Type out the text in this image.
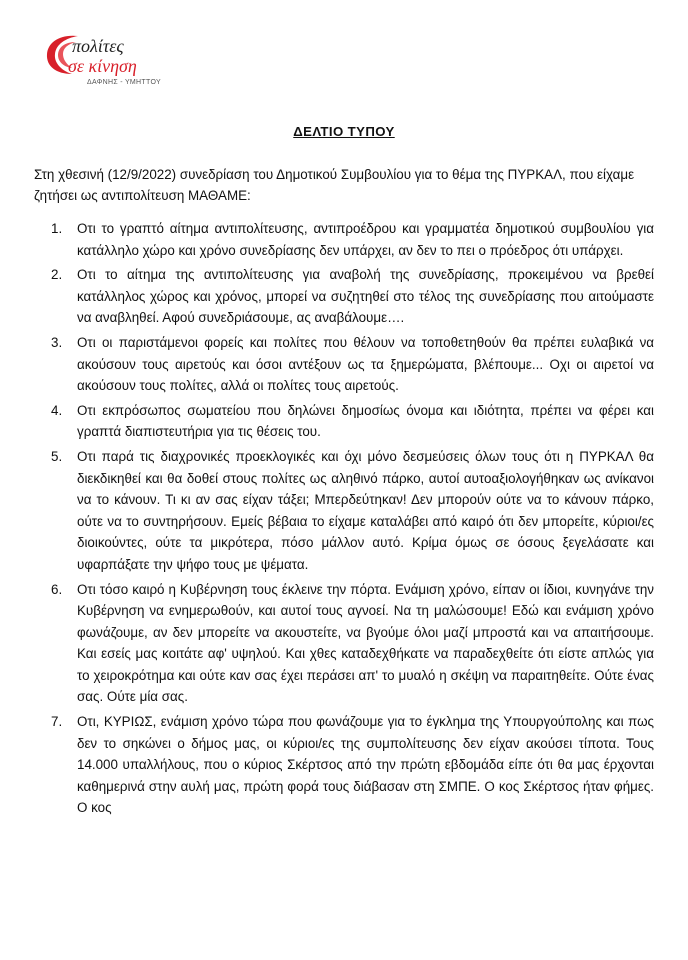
πολίτες
σε κίνηση
ΔΑΦΝΗΣ - ΥΜΗΤΤΟΥ
ΔΕΛΤΙΟ ΤΥΠΟΥ

Στη χθεσινή (12/9/2022) συνεδρίαση του Δημοτικού Συμβουλίου για το θέμα της ΠΥΡΚΑΛ, που είχαμε ζητήσει ως αντιπολίτευση ΜΑΘΑΜΕ:

1. Οτι το γραπτό αίτημα αντιπολίτευσης, αντιπροέδρου και γραμματέα δημοτικού συμβουλίου για κατάλληλο χώρο και χρόνο συνεδρίασης δεν υπάρχει, αν δεν το πει ο πρόεδρος ότι υπάρχει.
2. Οτι το αίτημα της αντιπολίτευσης για αναβολή της συνεδρίασης, προκειμένου να βρεθεί κατάλληλος χώρος και χρόνος, μπορεί να συζητηθεί στο τέλος της συνεδρίασης που αιτούμαστε να αναβληθεί. Αφού συνεδριάσουμε, ας αναβάλουμε….
3. Οτι οι παριστάμενοι φορείς και πολίτες που θέλουν να τοποθετηθούν θα πρέπει ευλαβικά να ακούσουν τους αιρετούς και όσοι αντέξουν ως τα ξημερώματα, βλέπουμε... Οχι οι αιρετοί να ακούσουν τους πολίτες, αλλά οι πολίτες τους αιρετούς.
4. Οτι εκπρόσωπος σωματείου που δηλώνει δημοσίως όνομα και ιδιότητα, πρέπει να φέρει και γραπτά διαπιστευτήρια για τις θέσεις του.
5. Οτι παρά τις διαχρονικές προεκλογικές και όχι μόνο δεσμεύσεις όλων τους ότι η ΠΥΡΚΑΛ θα διεκδικηθεί και θα δοθεί στους πολίτες ως αληθινό πάρκο, αυτοί αυτοαξιολογήθηκαν ως ανίκανοι να το κάνουν. Τι κι αν σας είχαν τάξει; Μπερδεύτηκαν! Δεν μπορούν ούτε να το κάνουν πάρκο, ούτε να το συντηρήσουν. Εμείς βέβαια το είχαμε καταλάβει από καιρό ότι δεν μπορείτε, κύριοι/ες διοικούντες, ούτε τα μικρότερα, πόσο μάλλον αυτό. Κρίμα όμως σε όσους ξεγελάσατε και υφαρπάξατε την ψήφο τους με ψέματα.
6. Οτι τόσο καιρό η Κυβέρνηση τους έκλεινε την πόρτα. Ενάμιση χρόνο, είπαν οι ίδιοι, κυνηγάνε την Κυβέρνηση να ενημερωθούν, και αυτοί τους αγνοεί. Να τη μαλώσουμε! Εδώ και ενάμιση χρόνο φωνάζουμε, αν δεν μπορείτε να ακουστείτε, να βγούμε όλοι μαζί μπροστά και να απαιτήσουμε. Και εσείς μας κοιτάτε αφ' υψηλού. Και χθες καταδεχθήκατε να παραδεχθείτε ότι είστε απλώς για το χειροκρότημα και ούτε καν σας έχει περάσει απ' το μυαλό η σκέψη να παραιτηθείτε. Ούτε ένας σας. Ούτε μία σας.
7. Οτι, ΚΥΡΙΩΣ, ενάμιση χρόνο τώρα που φωνάζουμε για το έγκλημα της Υπουργούπολης και πως δεν το σηκώνει ο δήμος μας, οι κύριοι/ες της συμπολίτευσης δεν είχαν ακούσει τίποτα. Τους 14.000 υπαλλήλους, που ο κύριος Σκέρτσος από την πρώτη εβδομάδα είπε ότι θα μας έρχονται καθημερινά στην αυλή μας, πρώτη φορά τους διάβασαν στη ΣΜΠΕ. Ο κος Σκέρτσος ήταν φήμες. Ο κος
